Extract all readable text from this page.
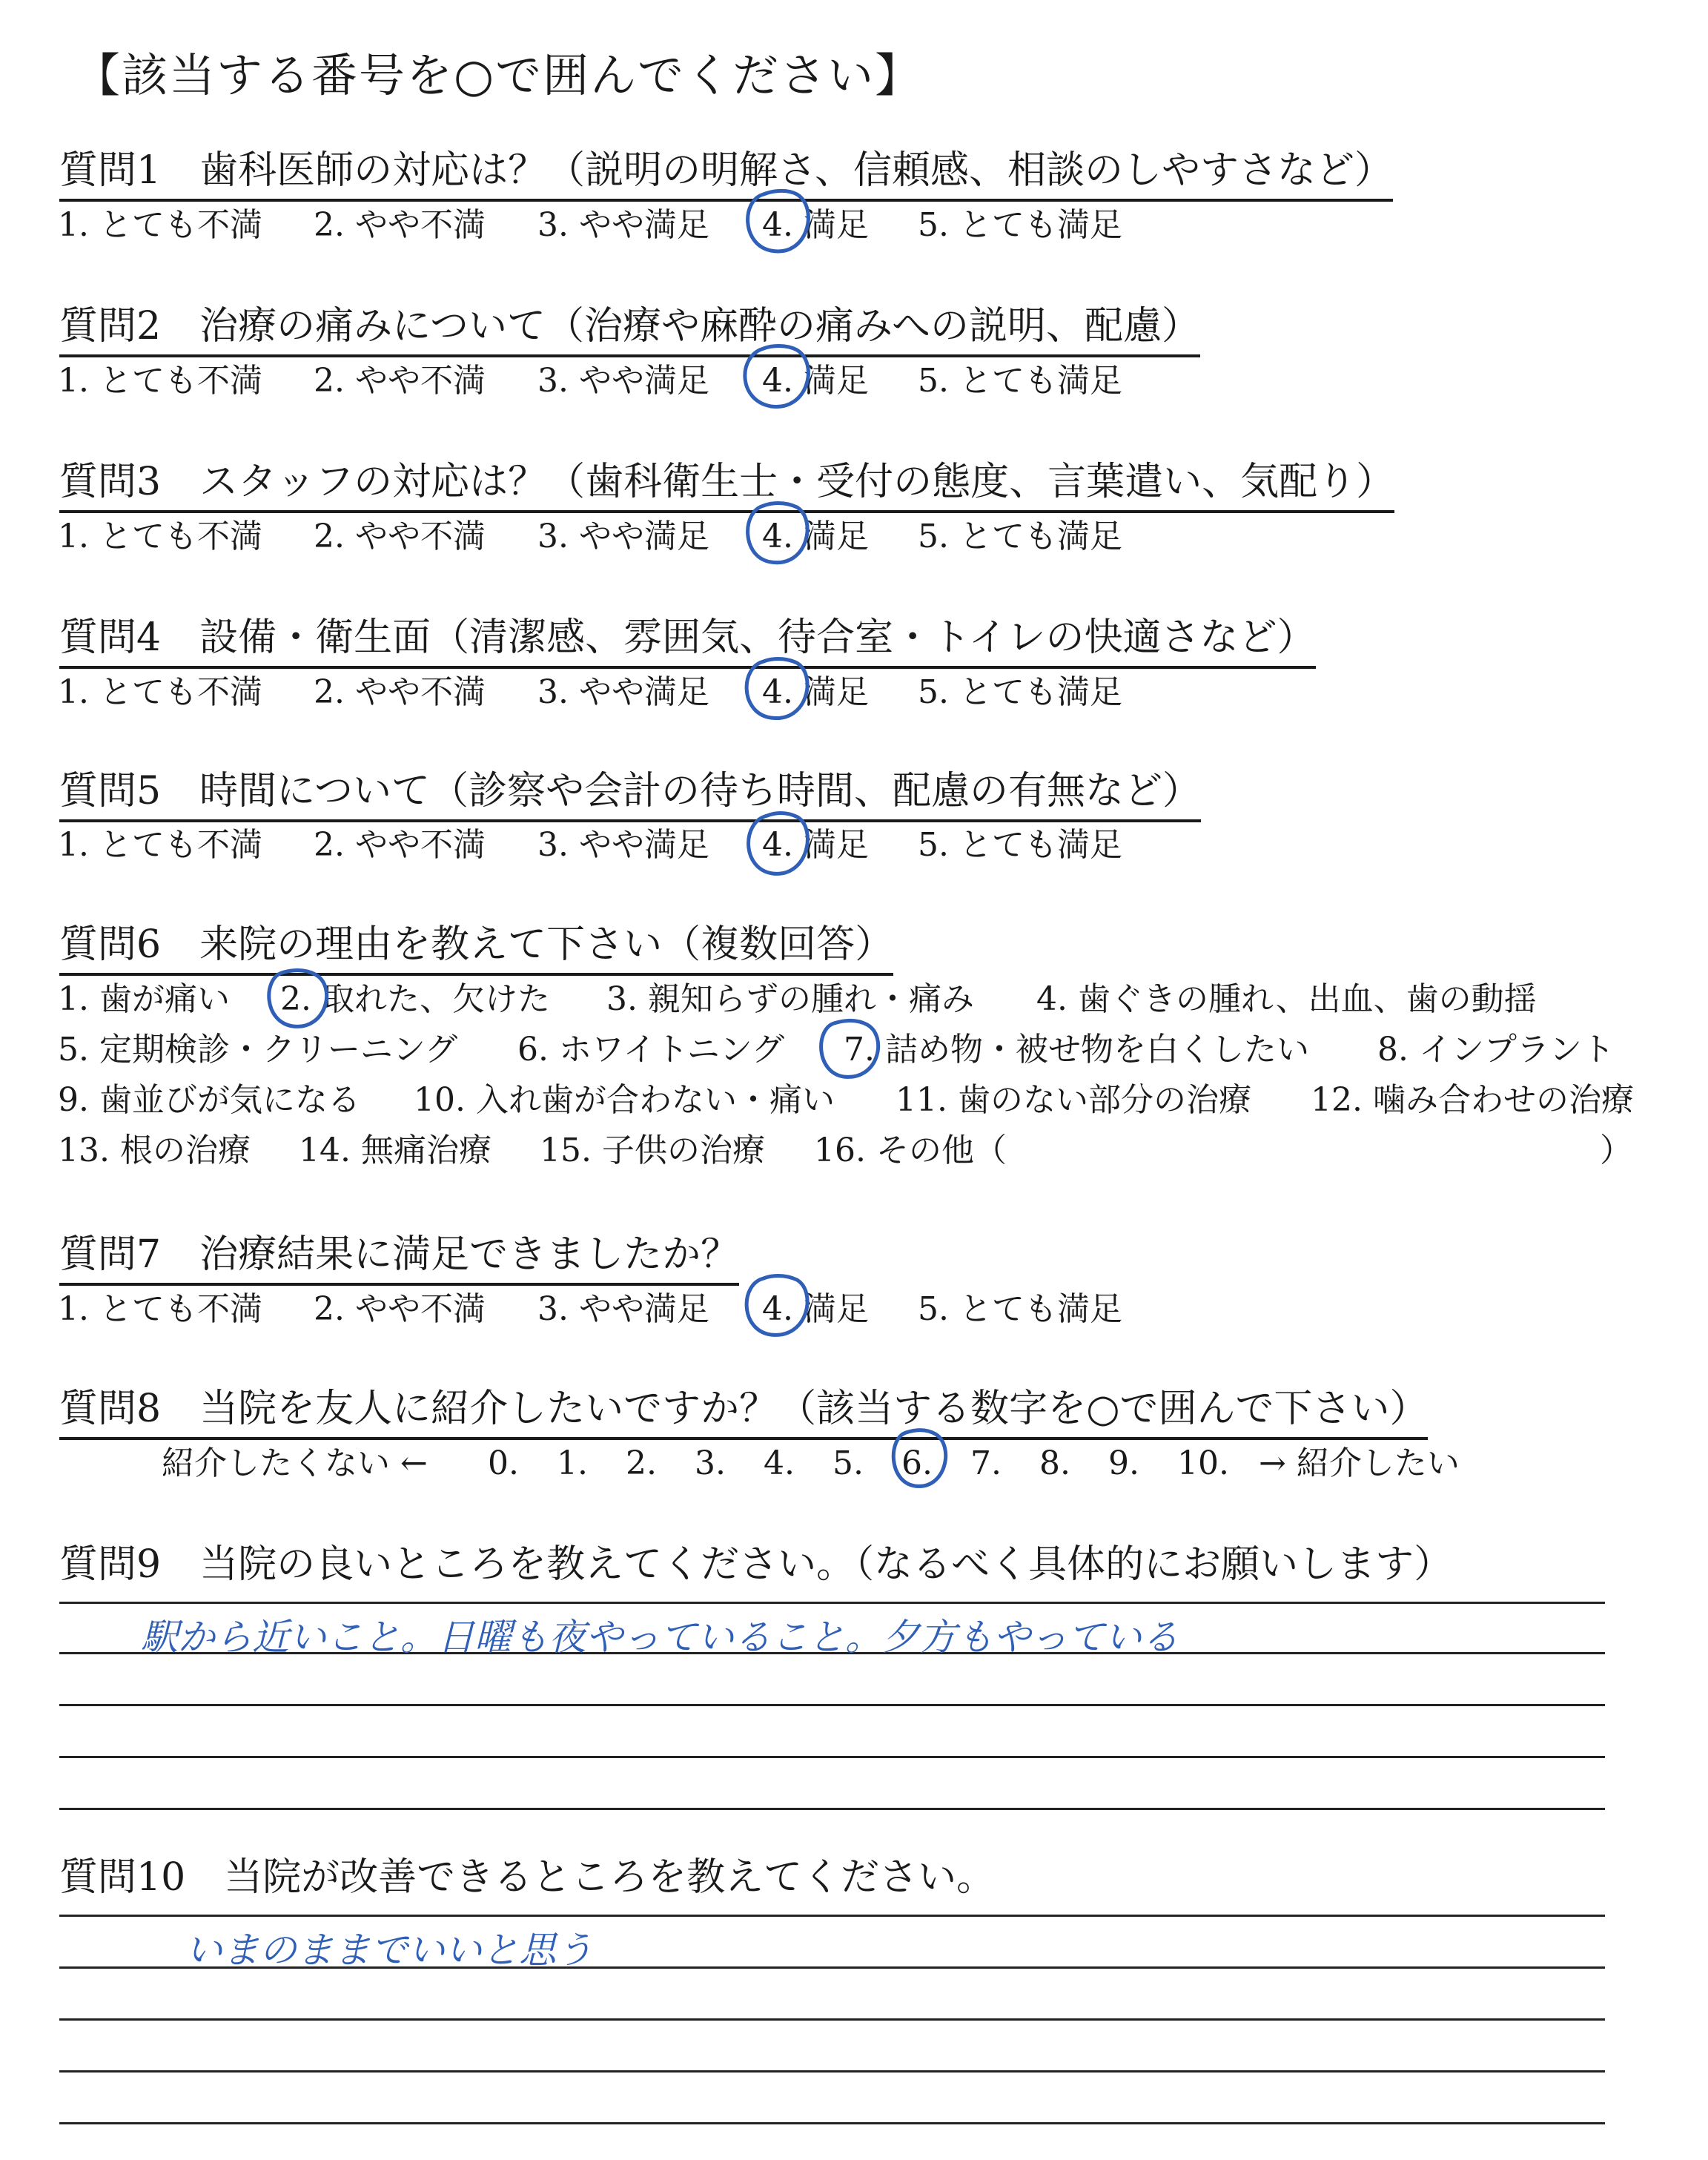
【該当する番号を○で囲んでください】
質問1　歯科医師の対応は？（説明の明解さ、信頼感、相談のしやすさなど）
1. とても不満 2. やや不満 3. やや満足 4. 満足 5. とても満足
質問2　治療の痛みについて（治療や麻酔の痛みへの説明、配慮）
1. とても不満 2. やや不満 3. やや満足 4. 満足 5. とても満足
質問3　スタッフの対応は？（歯科衛生士・受付の態度、言葉遣い、気配り）
1. とても不満 2. やや不満 3. やや満足 4. 満足 5. とても満足
質問4　設備・衛生面（清潔感、雰囲気、待合室・トイレの快適さなど）
1. とても不満 2. やや不満 3. やや満足 4. 満足 5. とても満足
質問5　時間について（診察や会計の待ち時間、配慮の有無など）
1. とても不満 2. やや不満 3. やや満足 4. 満足 5. とても満足
質問6　来院の理由を教えて下さい（複数回答）
1. 歯が痛い 2. 取れた、欠けた 3. 親知らずの腫れ・痛み 4. 歯ぐきの腫れ、出血、歯の動揺
5. 定期検診・クリーニング 6. ホワイトニング 7. 詰め物・被せ物を白くしたい 8. インプラント
9. 歯並びが気になる 10. 入れ歯が合わない・痛い 11. 歯のない部分の治療 12. 噛み合わせの治療
13. 根の治療 14. 無痛治療 15. 子供の治療 16. その他（	）
質問7　治療結果に満足できましたか？
1. とても不満 2. やや不満 3. やや満足 4. 満足 5. とても満足
質問8　当院を友人に紹介したいですか？（該当する数字を○で囲んで下さい）
紹介したくない ← 0. 1. 2. 3. 4. 5. 6. 7. 8. 9. 10. → 紹介したい
質問9　当院の良いところを教えてください。（なるべく具体的にお願いします）
駅から近いこと。日曜も夜やっていること。夕方もやっている
質問10　当院が改善できるところを教えてください。
いまのままでいいと思う
